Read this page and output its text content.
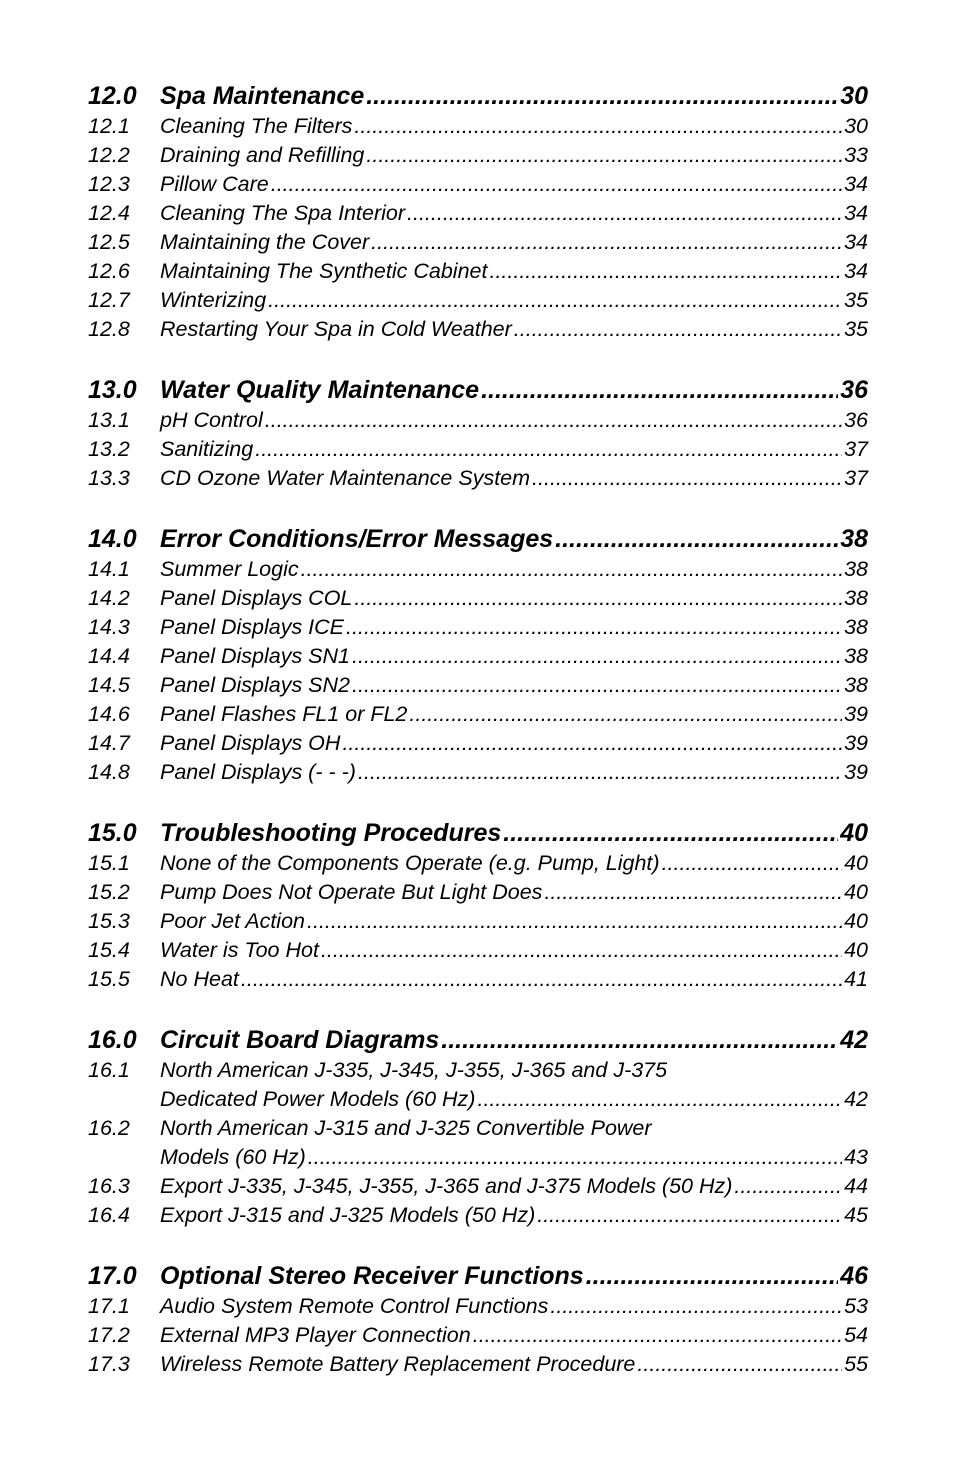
12.0 Spa Maintenance .....	30
12.1	Cleaning The Filters .....	30
12.2	Draining and Refilling .....	33
12.3	Pillow Care .....	34
12.4	Cleaning The Spa Interior .....	34
12.5	Maintaining the Cover .....	34
12.6	Maintaining The Synthetic Cabinet .....	34
12.7	Winterizing .....	35
12.8	Restarting Your Spa in Cold Weather .....	35
13.0 Water Quality Maintenance .....	36
13.1	pH Control .....	36
13.2	Sanitizing .....	37
13.3	CD Ozone Water Maintenance System .....	37
14.0 Error Conditions/Error Messages .....	38
14.1	Summer Logic .....	38
14.2	Panel Displays COL .....	38
14.3	Panel Displays ICE .....	38
14.4	Panel Displays SN1 .....	38
14.5	Panel Displays SN2 .....	38
14.6	Panel Flashes FL1 or FL2 .....	39
14.7	Panel Displays OH .....	39
14.8	Panel Displays (- - -) .....	39
15.0 Troubleshooting Procedures .....	40
15.1	None of the Components Operate (e.g. Pump, Light) .....	40
15.2	Pump Does Not Operate But Light Does .....	40
15.3	Poor Jet Action .....	40
15.4	Water is Too Hot .....	40
15.5	No Heat .....	41
16.0 Circuit Board Diagrams .....	42
16.1	North American J-335, J-345, J-355, J-365 and J-375
Dedicated Power Models (60 Hz) .....	42
16.2	North American J-315 and J-325 Convertible Power
Models (60 Hz) .....	43
16.3	Export J-335, J-345, J-355, J-365 and J-375 Models (50 Hz) .....	44
16.4	Export J-315 and J-325 Models (50 Hz) .....	45
17.0 Optional Stereo Receiver Functions .....	46
17.1	Audio System Remote Control Functions .....	53
17.2	External MP3 Player Connection .....	54
17.3	Wireless Remote Battery Replacement Procedure .....	55
